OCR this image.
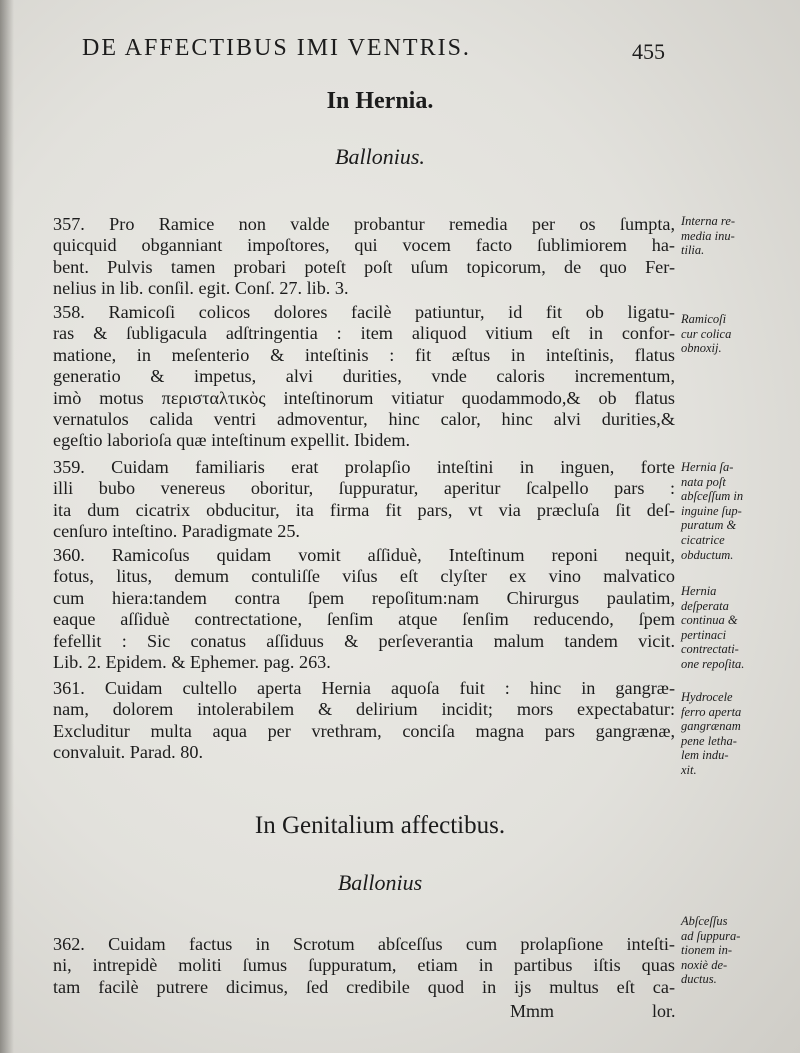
DE AFFECTIBUS IMI VENTRIS.	455
In Hernia.
Ballonius.
357. Pro Ramice non valde probantur remedia per os ſumpta,
quicquid obganniant impoſtores, qui vocem facto ſublimiorem ha-
bent. Pulvis tamen probari poteſt poſt uſum topicorum, de quo Fer-
nelius in lib. conſil. egit. Conſ. 27. lib. 3.
358. Ramicoſi colicos dolores facilè patiuntur, id fit ob ligatu-
ras & ſubligacula adſtringentia : item aliquod vitium eſt in confor-
matione, in meſenterio & inteſtinis : fit æſtus in inteſtinis, flatus
generatio & impetus, alvi durities, vnde caloris incrementum,
imò motus περισταλτικὸς inteſtinorum vitiatur quodammodo,& ob flatus
vernatulos calida ventri admoventur, hinc calor, hinc alvi durities,&
egeſtio laborioſa quæ inteſtinum expellit. Ibidem.
359. Cuidam familiaris erat prolapſio inteſtini in inguen, forte
illi bubo venereus oboritur, ſuppuratur, aperitur ſcalpello pars :
ita dum cicatrix obducitur, ita firma fit pars, vt via præcluſa ſit deſ-
cenſuro inteſtino. Paradigmate 25.
360. Ramicoſus quidam vomit aſſiduè, Inteſtinum reponi nequit,
fotus, litus, demum contuliſſe viſus eſt clyſter ex vino malvatico
cum hiera:tandem contra ſpem repoſitum:nam Chirurgus paulatim,
eaque aſſiduè contrectatione, ſenſim atque ſenſim reducendo, ſpem
fefellit : Sic conatus aſſiduus & perſeverantia malum tandem vicit.
Lib. 2. Epidem. & Ephemer. pag. 263.
361. Cuidam cultello aperta Hernia aquoſa fuit : hinc in gangræ-
nam, dolorem intolerabilem & delirium incidit; mors expectabatur:
Excluditur multa aqua per vrethram, conciſa magna pars gangrænæ,
convaluit. Parad. 80.
In Genitalium affectibus.
Ballonius
362. Cuidam factus in Scrotum abſceſſus cum prolapſione inteſti-
ni, intrepidè moliti ſumus ſuppuratum, etiam in partibus iſtis quas
tam facilè putrere dicimus, ſed credibile quod in ijs multus eſt ca-
Interna re-
media inu-
tilia.
Ramicoſi
cur colica
obnoxij.
Hernia ſa-
nata poſt
abſceſſum in
inguine ſup-
puratum &
cicatrice
obductum.
Hernia
deſperata
continua &
pertinaci
contrectati-
one repoſita.
Hydrocele
ferro aperta
gangrænam
pene letha-
lem indu-
xit.
Abſceſſus
ad ſuppura-
tionem in-
noxiè de-
ductus.
Mmm	lor.
